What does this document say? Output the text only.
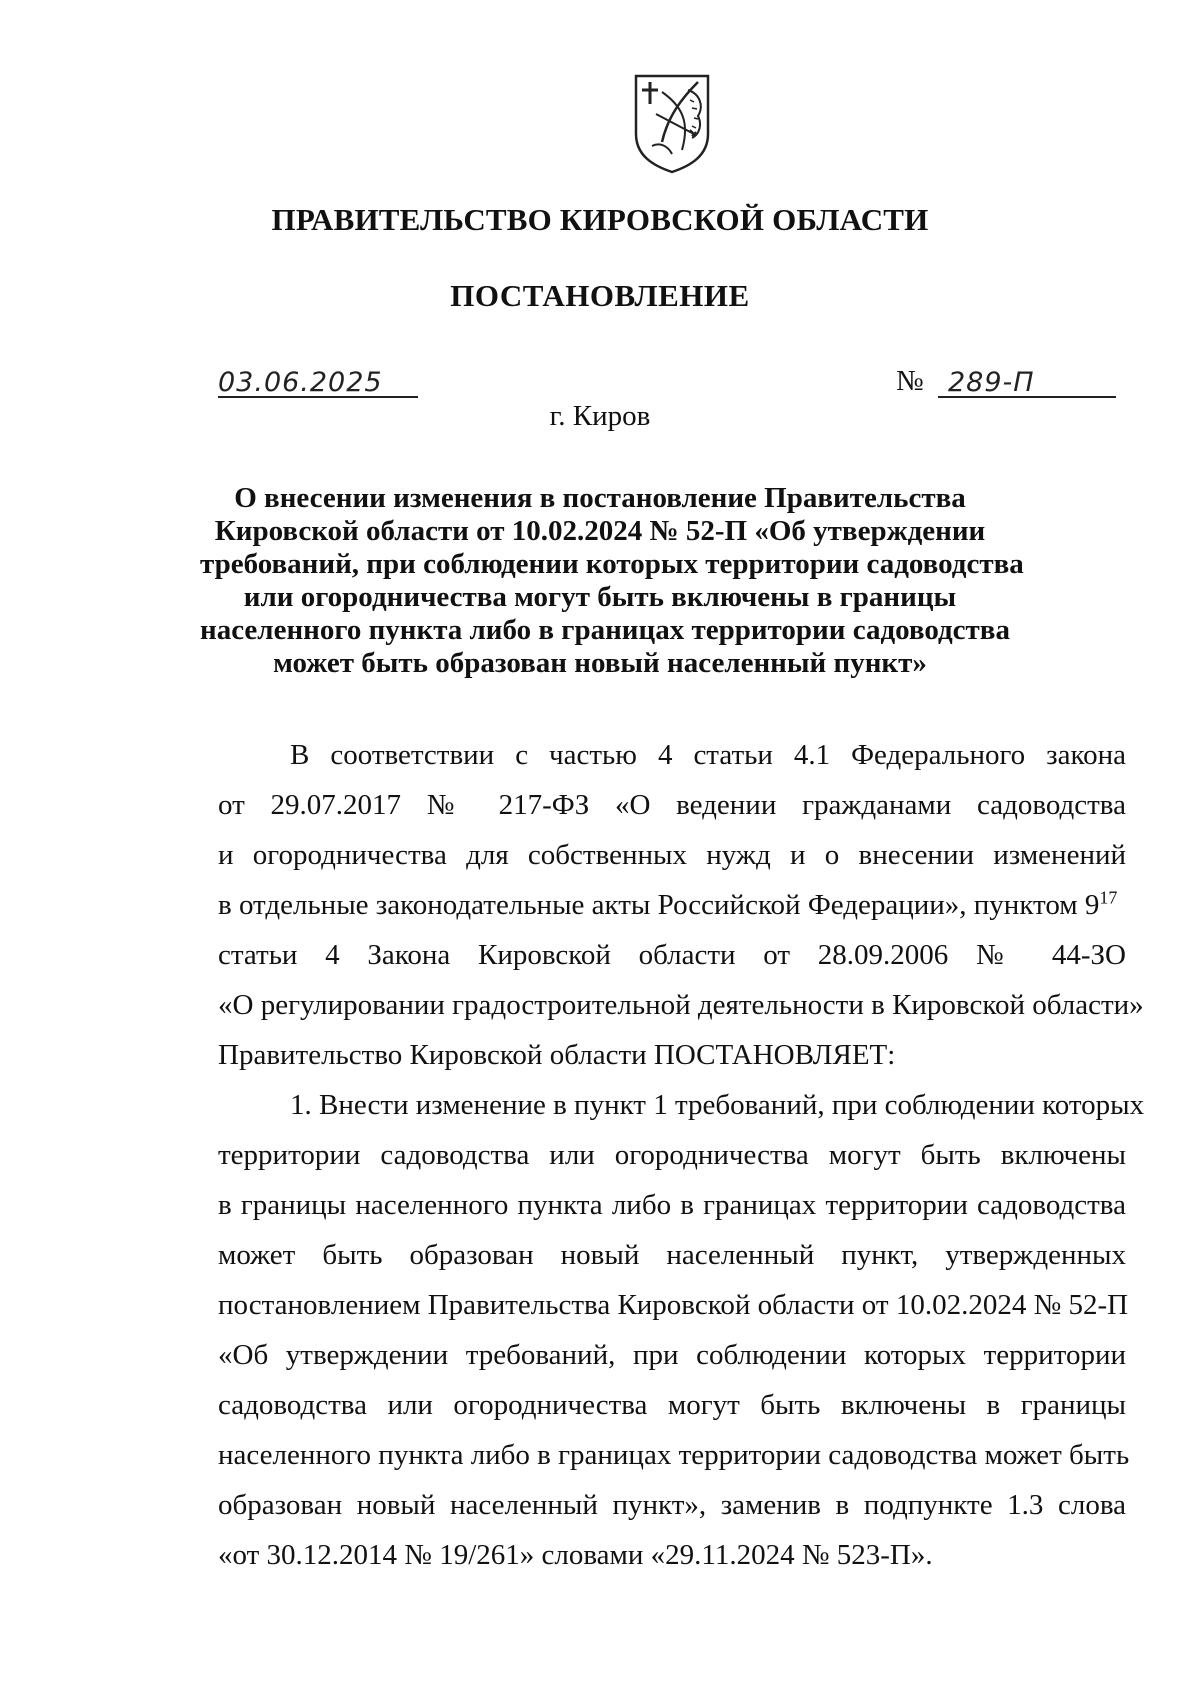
ПРАВИТЕЛЬСТВО КИРОВСКОЙ ОБЛАСТИ
ПОСТАНОВЛЕНИЕ
03.06.2025	№ 289-П
г. Киров
О внесении изменения в постановление Правительства
Кировской области от 10.02.2024 № 52-П «Об утверждении
требований, при соблюдении которых территории садоводства
или огородничества могут быть включены в границы
населенного пункта либо в границах территории садоводства
может быть образован новый населенный пункт»
В соответствии с частью 4 статьи 4.1 Федерального закона
от 29.07.2017 № 217-ФЗ «О ведении гражданами садоводства
и огородничества для собственных нужд и о внесении изменений
в отдельные законодательные акты Российской Федерации», пунктом $9^{17}$
статьи 4 Закона Кировской области от 28.09.2006 № 44-ЗО
«О регулировании градостроительной деятельности в Кировской области»
Правительство Кировской области ПОСТАНОВЛЯЕТ:
1. Внести изменение в пункт 1 требований, при соблюдении которых
территории садоводства или огородничества могут быть включены
в границы населенного пункта либо в границах территории садоводства
может быть образован новый населенный пункт, утвержденных
постановлением Правительства Кировской области от 10.02.2024 № 52-П
«Об утверждении требований, при соблюдении которых территории
садоводства или огородничества могут быть включены в границы
населенного пункта либо в границах территории садоводства может быть
образован новый населенный пункт», заменив в подпункте 1.3 слова
«от 30.12.2014 № 19/261» словами «29.11.2024 № 523-П».
